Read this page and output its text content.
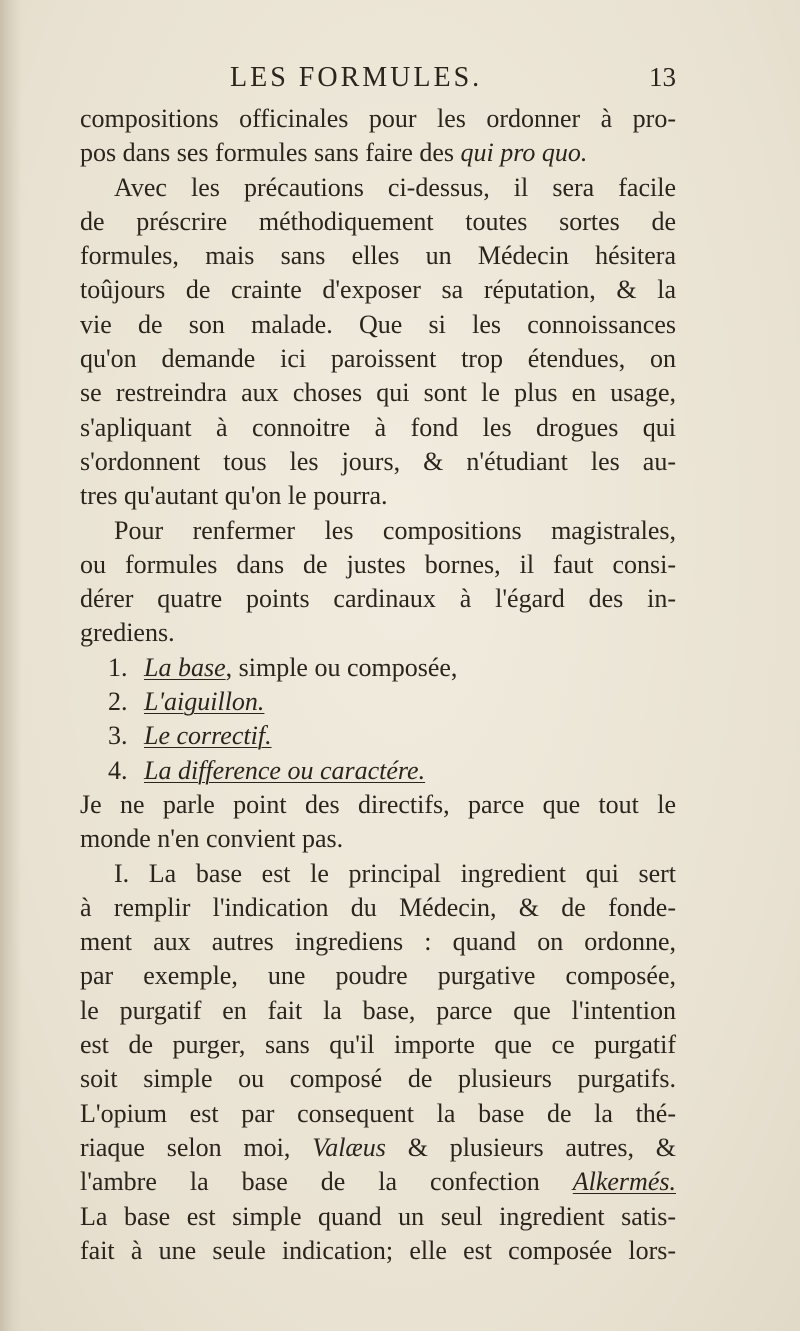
LES FORMULES.	13
compositions officinales pour les ordonner à pro-
pos dans ses formules sans faire des qui pro quo.
Avec les précautions ci-dessus, il sera facile
de préscrire méthodiquement toutes sortes de
formules, mais sans elles un Médecin hésitera
toûjours de crainte d'exposer sa réputation, & la
vie de son malade. Que si les connoissances
qu'on demande ici paroissent trop étendues, on
se restreindra aux choses qui sont le plus en usage,
s'apliquant à connoitre à fond les drogues qui
s'ordonnent tous les jours, & n'étudiant les au-
tres qu'autant qu'on le pourra.
Pour renfermer les compositions magistrales,
ou formules dans de justes bornes, il faut consi-
dérer quatre points cardinaux à l'égard des in-
grediens.
1. La base, simple ou composée,
2. L'aiguillon.
3. Le correctif.
4. La difference ou caractére.
Je ne parle point des directifs, parce que tout le
monde n'en convient pas.
I. La base est le principal ingredient qui sert
à remplir l'indication du Médecin, & de fonde-
ment aux autres ingrediens : quand on ordonne,
par exemple, une poudre purgative composée,
le purgatif en fait la base, parce que l'intention
est de purger, sans qu'il importe que ce purgatif
soit simple ou composé de plusieurs purgatifs.
L'opium est par consequent la base de la thé-
riaque selon moi, Valæus & plusieurs autres, &
l'ambre la base de la confection Alkermés.
La base est simple quand un seul ingredient satis-
fait à une seule indication; elle est composée lors-
